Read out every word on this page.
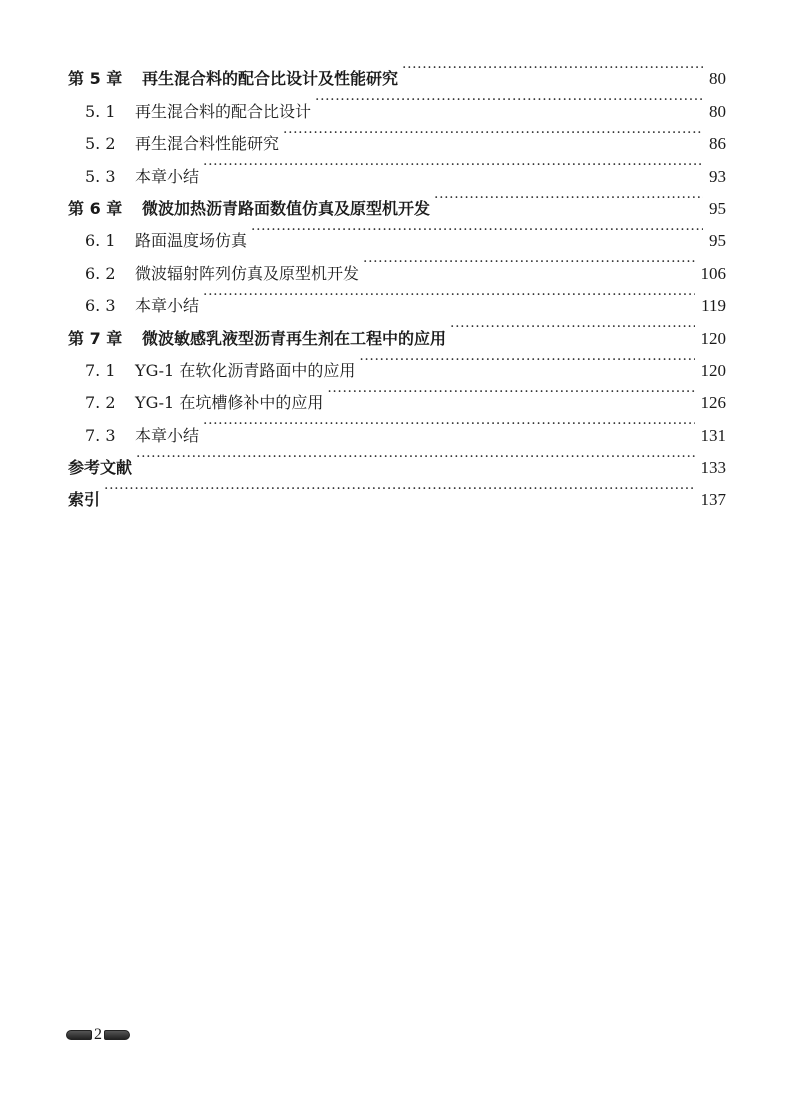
第 5 章	再生混合料的配合比设计及性能研究 ·····	80
5. 1	再生混合料的配合比设计 ·····	80
5. 2	再生混合料性能研究 ·····	86
5. 3	本章小结 ·····	93
第 6 章	微波加热沥青路面数值仿真及原型机开发 ·····	95
6. 1	路面温度场仿真 ·····	95
6. 2	微波辐射阵列仿真及原型机开发 ·····	106
6. 3	本章小结 ·····	119
第 7 章	微波敏感乳液型沥青再生剂在工程中的应用 ·····	120
7. 1	YG-1 在软化沥青路面中的应用 ·····	120
7. 2	YG-1 在坑槽修补中的应用 ·····	126
7. 3	本章小结 ·····	131
参考文献 ·····	133
索引 ·····	137
2
